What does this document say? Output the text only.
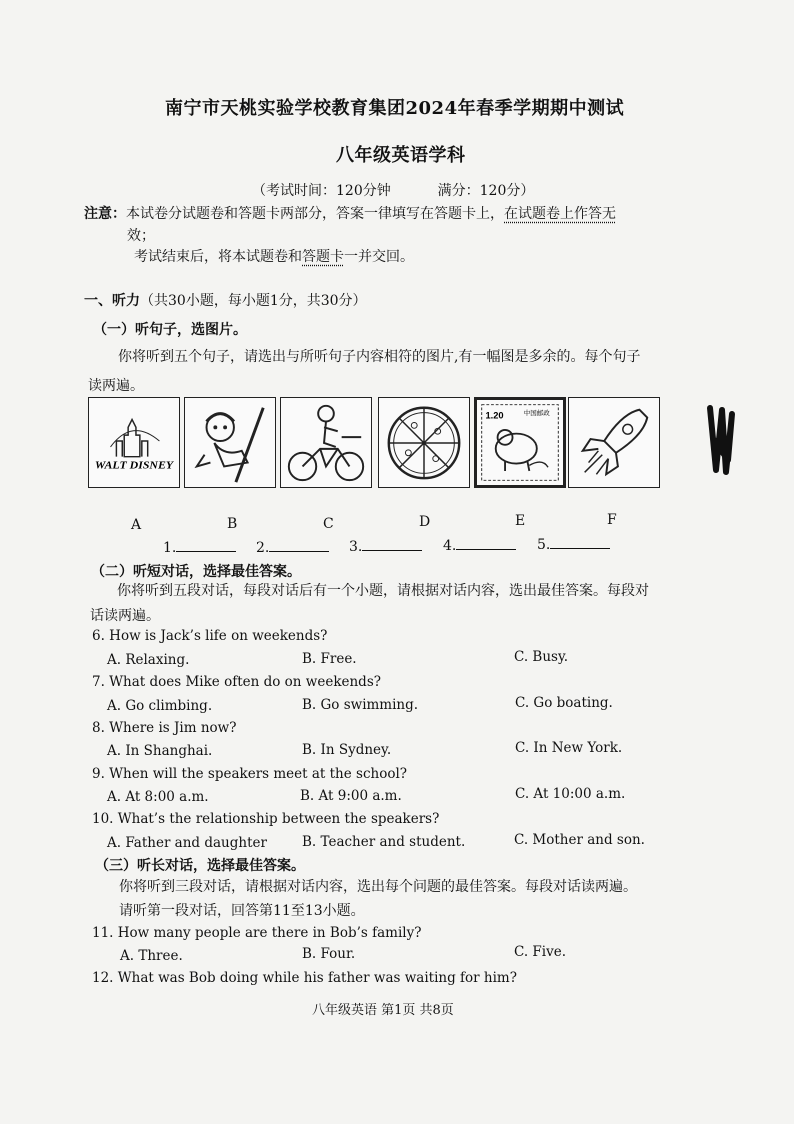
南宁市天桃实验学校教育集团2024年春季学期期中测试
八年级英语学科
（考试时间：120分钟	满分：120分）
注意：本试卷分试题卷和答题卡两部分，答案一律填写在答题卡上，在试题卷上作答无
效；
考试结束后，将本试题卷和答题卡一并交回。
一、听力（共30小题，每小题1分，共30分）
（一）听句子，选图片。
你将听到五个句子，请选出与所听句子内容相符的图片,有一幅图是多余的。每个句子
读两遍。
WALT DISNEY
1.20	中国邮政
A	B	C	D	E	F
1.	2.	3.	4.	5.
（二）听短对话，选择最佳答案。
你将听到五段对话，每段对话后有一个小题，请根据对话内容，选出最佳答案。每段对
话读两遍。
6. How is Jack’s life on weekends?
A. Relaxing.	B. Free.	C. Busy.
7. What does Mike often do on weekends?
A. Go climbing.	B. Go swimming.	C. Go boating.
8. Where is Jim now?
A. In Shanghai.	B. In Sydney.	C. In New York.
9. When will the speakers meet at the school?
A. At 8:00 a.m.	B. At 9:00 a.m.	C. At 10:00 a.m.
10. What’s the relationship between the speakers?
A. Father and daughter	B. Teacher and student.	C. Mother and son.
（三）听长对话，选择最佳答案。
你将听到三段对话，请根据对话内容，选出每个问题的最佳答案。每段对话读两遍。
请听第一段对话，回答第11至13小题。
11. How many people are there in Bob’s family?
A. Three.	B. Four.	C. Five.
12. What was Bob doing while his father was waiting for him?
八年级英语 第1页 共8页
